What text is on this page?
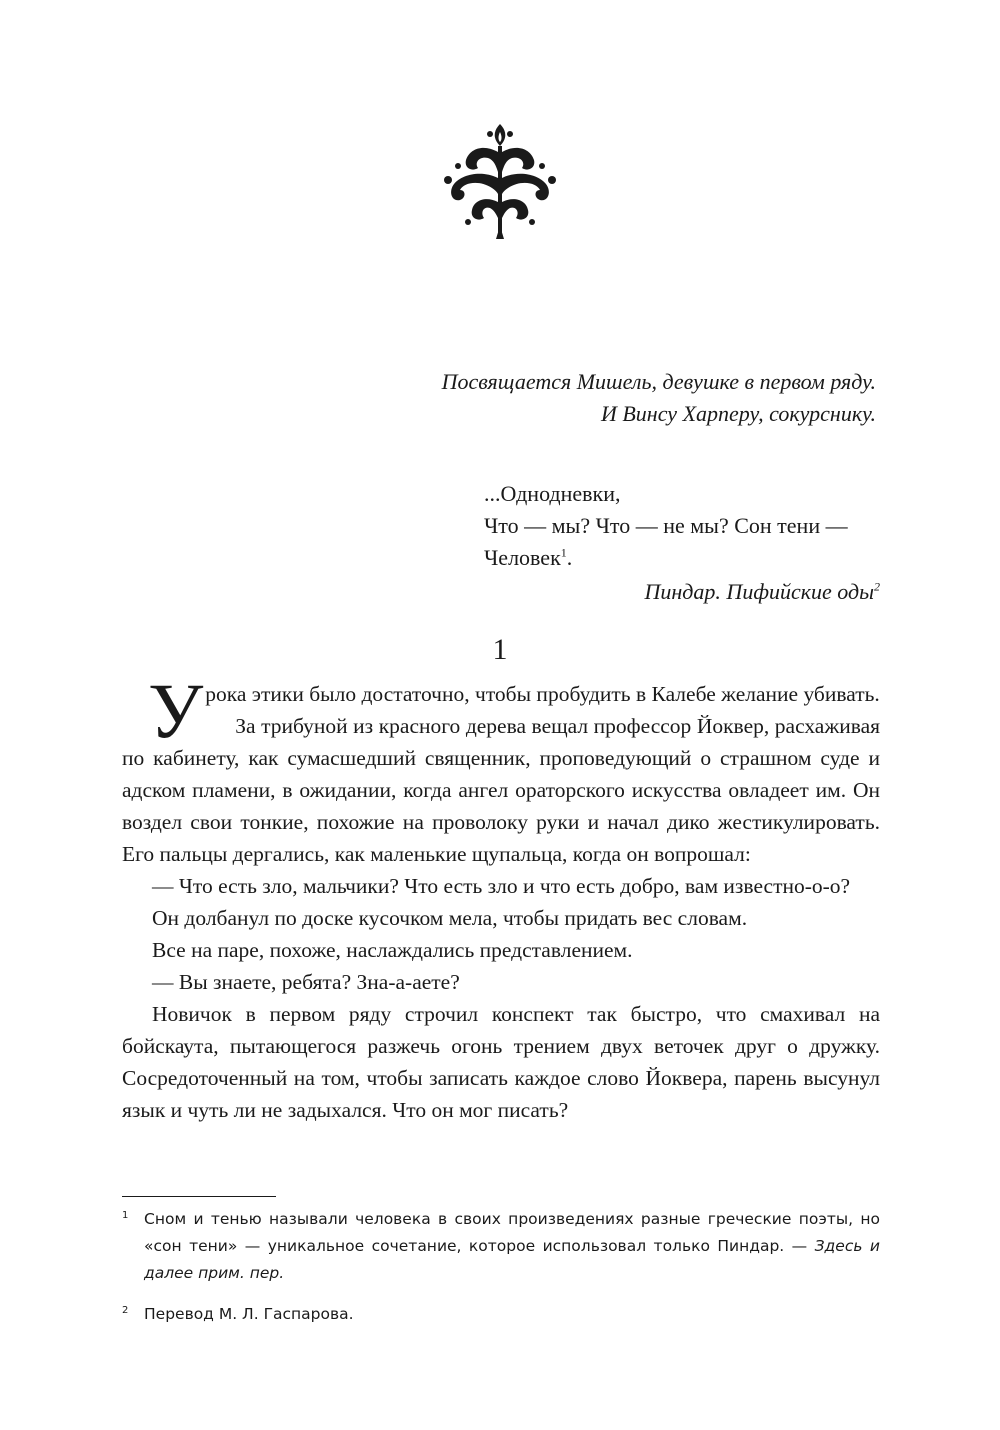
Посвящается Мишель, девушке в первом ряду.
И Винсу Харперу, сокурснику.
...Однодневки,
Что — мы? Что — не мы? Сон тени —
Человек$^1$.
Пиндар. Пифийские оды$^2$
1

Урока этики было достаточно, чтобы пробудить в Калебе желание убивать.

За трибуной из красного дерева вещал профессор Йоквер, расхаживая по кабинету, как сумасшедший священник, проповедующий о страшном суде и адском пламени, в ожидании, когда ангел ораторского искусства овладеет им. Он воздел свои тонкие, похожие на проволоку руки и начал дико жестикулировать. Его пальцы дергались, как маленькие щупальца, когда он вопрошал:

— Что есть зло, мальчики? Что есть зло и что есть добро, вам известно-о-о?

Он долбанул по доске кусочком мела, чтобы придать вес словам.

Все на паре, похоже, наслаждались представлением.

— Вы знаете, ребята? Зна-а-аете?

Новичок в первом ряду строчил конспект так быстро, что смахивал на бойскаута, пытающегося разжечь огонь трением двух веточек друг о дружку. Сосредоточенный на том, чтобы записать каждое слово Йоквера, парень высунул язык и чуть ли не задыхался. Что он мог писать?

1 Сном и тенью называли человека в своих произведениях разные греческие поэты, но «сон тени» — уникальное сочетание, которое использовал только Пиндар. — Здесь и далее прим. пер.
2 Перевод М. Л. Гаспарова.
